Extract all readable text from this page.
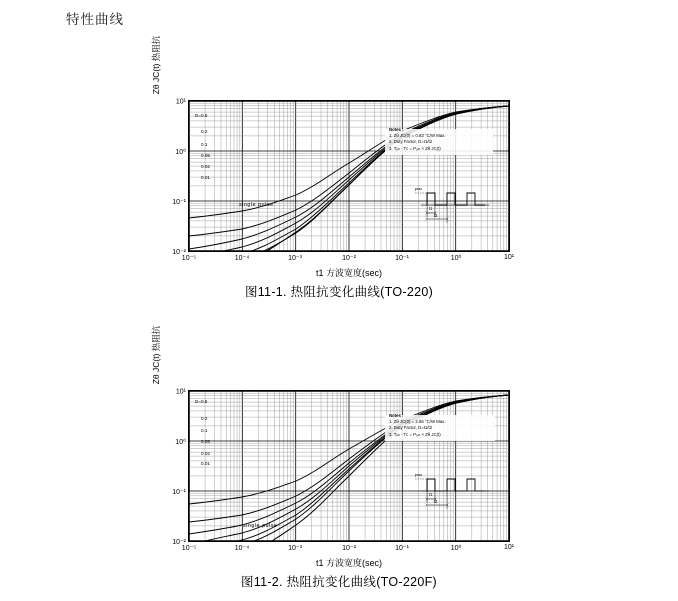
特性曲线
Zθ JC(t) 热阻抗
Notes :
1. Zθ JC(0) = 0.83 °C/W Max.
2. Duty Factor, D=t1/t2
3. Tⱼₘ - Tᴄ = Pₒₘ × Zθ JC(t)
D=0.5
0.2
0.1
0.05
0.02
0.01
single pulse
Pᴰᴹ
t1
t2
10⁻²
10⁻¹
10⁰
10¹
10⁻⁵	10⁻⁴	10⁻³	10⁻²	10⁻¹	10⁰	10¹
t1 方波宽度(sec)
图11-1. 热阻抗变化曲线(TO-220)
Zθ JC(t) 热阻抗
Notes :
1. Zθ JC(0) = 2.86 °C/W Max.
2. Duty Factor, D=t1/t2
3. Tⱼₘ - Tᴄ = Pₒₘ × Zθ JC(t)
D=0.5
0.2
0.1
0.05
0.02
0.01
single pulse
Pᴰᴹ
t1
t2
10⁻²
10⁻¹
10⁰
10¹
10⁻⁵	10⁻⁴	10⁻³	10⁻²	10⁻¹	10⁰	10¹
t1 方波宽度(sec)
图11-2. 热阻抗变化曲线(TO-220F)
